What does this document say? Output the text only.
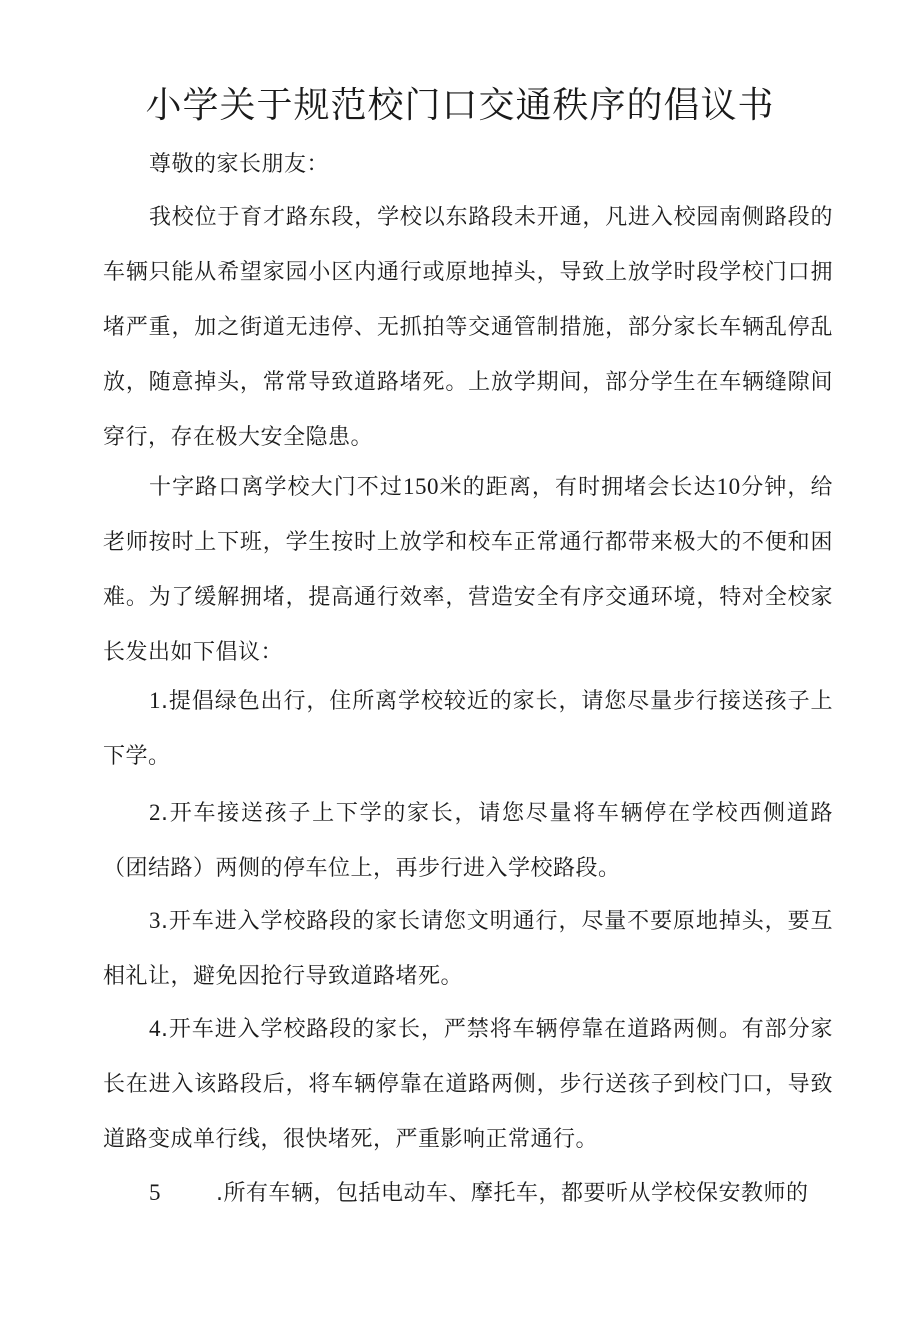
小学关于规范校门口交通秩序的倡议书

尊敬的家长朋友：

我校位于育才路东段，学校以东路段未开通，凡进入校园南侧路段的车辆只能从希望家园小区内通行或原地掉头，导致上放学时段学校门口拥堵严重，加之街道无违停、无抓拍等交通管制措施，部分家长车辆乱停乱放，随意掉头，常常导致道路堵死。上放学期间，部分学生在车辆缝隙间穿行，存在极大安全隐患。

十字路口离学校大门不过150米的距离，有时拥堵会长达10分钟，给老师按时上下班，学生按时上放学和校车正常通行都带来极大的不便和困难。为了缓解拥堵，提高通行效率，营造安全有序交通环境，特对全校家长发出如下倡议：

1.提倡绿色出行，住所离学校较近的家长，请您尽量步行接送孩子上下学。

2.开车接送孩子上下学的家长，请您尽量将车辆停在学校西侧道路（团结路）两侧的停车位上，再步行进入学校路段。

3.开车进入学校路段的家长请您文明通行，尽量不要原地掉头，要互相礼让，避免因抢行导致道路堵死。

4.开车进入学校路段的家长，严禁将车辆停靠在道路两侧。有部分家长在进入该路段后，将车辆停靠在道路两侧，步行送孩子到校门口，导致道路变成单行线，很快堵死，严重影响正常通行。

5	.所有车辆，包括电动车、摩托车，都要听从学校保安教师的
